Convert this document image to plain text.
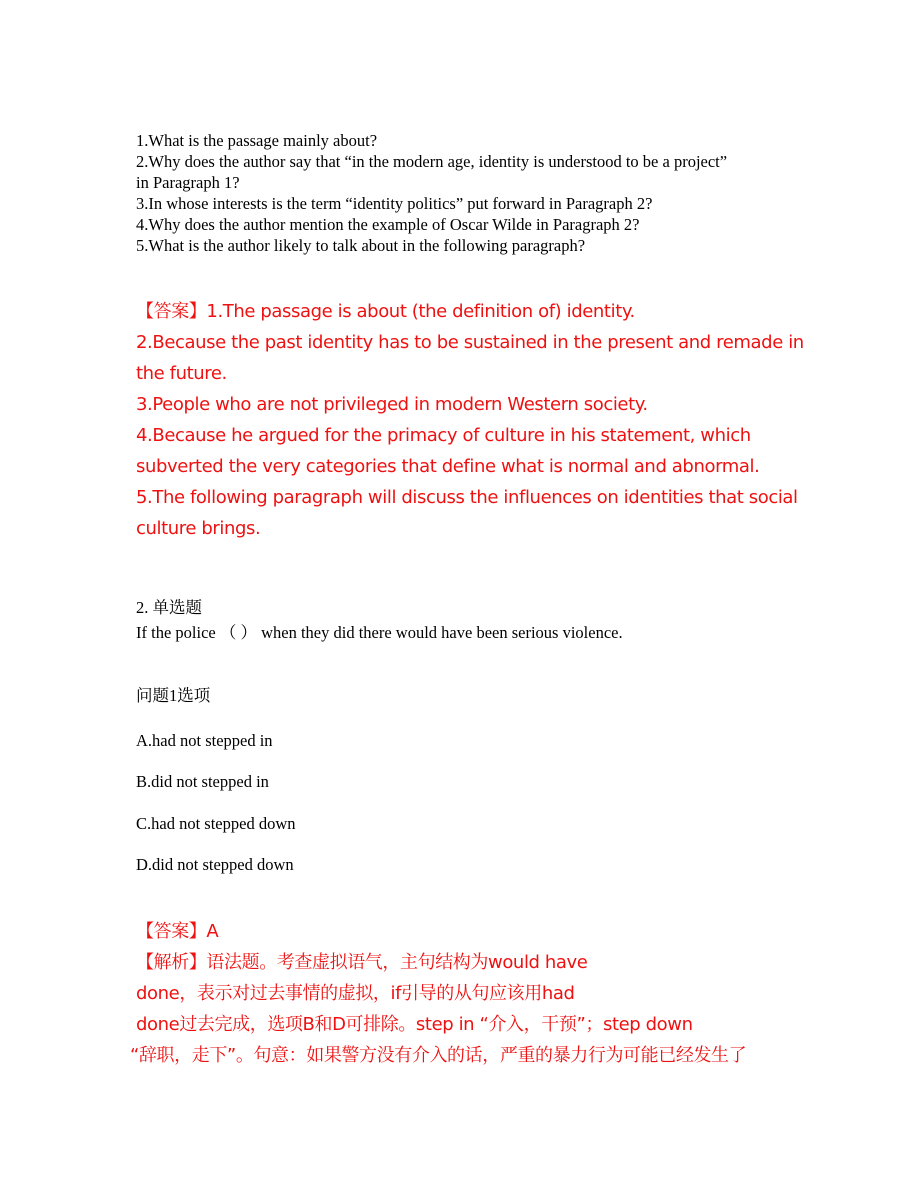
1.What is the passage mainly about?
2.Why does the author say that “in the modern age, identity is understood to be a project”
in Paragraph 1?
3.In whose interests is the term “identity politics” put forward in Paragraph 2?
4.Why does the author mention the example of Oscar Wilde in Paragraph 2?
5.What is the author likely to talk about in the following paragraph?
【答案】1.The passage is about (the definition of) identity.
2.Because the past identity has to be sustained in the present and remade in
the future.
3.People who are not privileged in modern Western society.
4.Because he argued for the primacy of culture in his statement, which
subverted the very categories that define what is normal and abnormal.
5.The following paragraph will discuss the influences on identities that social
culture brings.
2. 单选题
If the police （ ） when they did there would have been serious violence.
问题1选项
A.had not stepped in
B.did not stepped in
C.had not stepped down
D.did not stepped down
【答案】A
【解析】语法题。考查虚拟语气，主句结构为would have
done，表示对过去事情的虚拟，if引导的从句应该用had
done过去完成，选项B和D可排除。step in “介入，干预”；step down
“辞职，走下”。句意：如果警方没有介入的话，严重的暴力行为可能已经发生了
